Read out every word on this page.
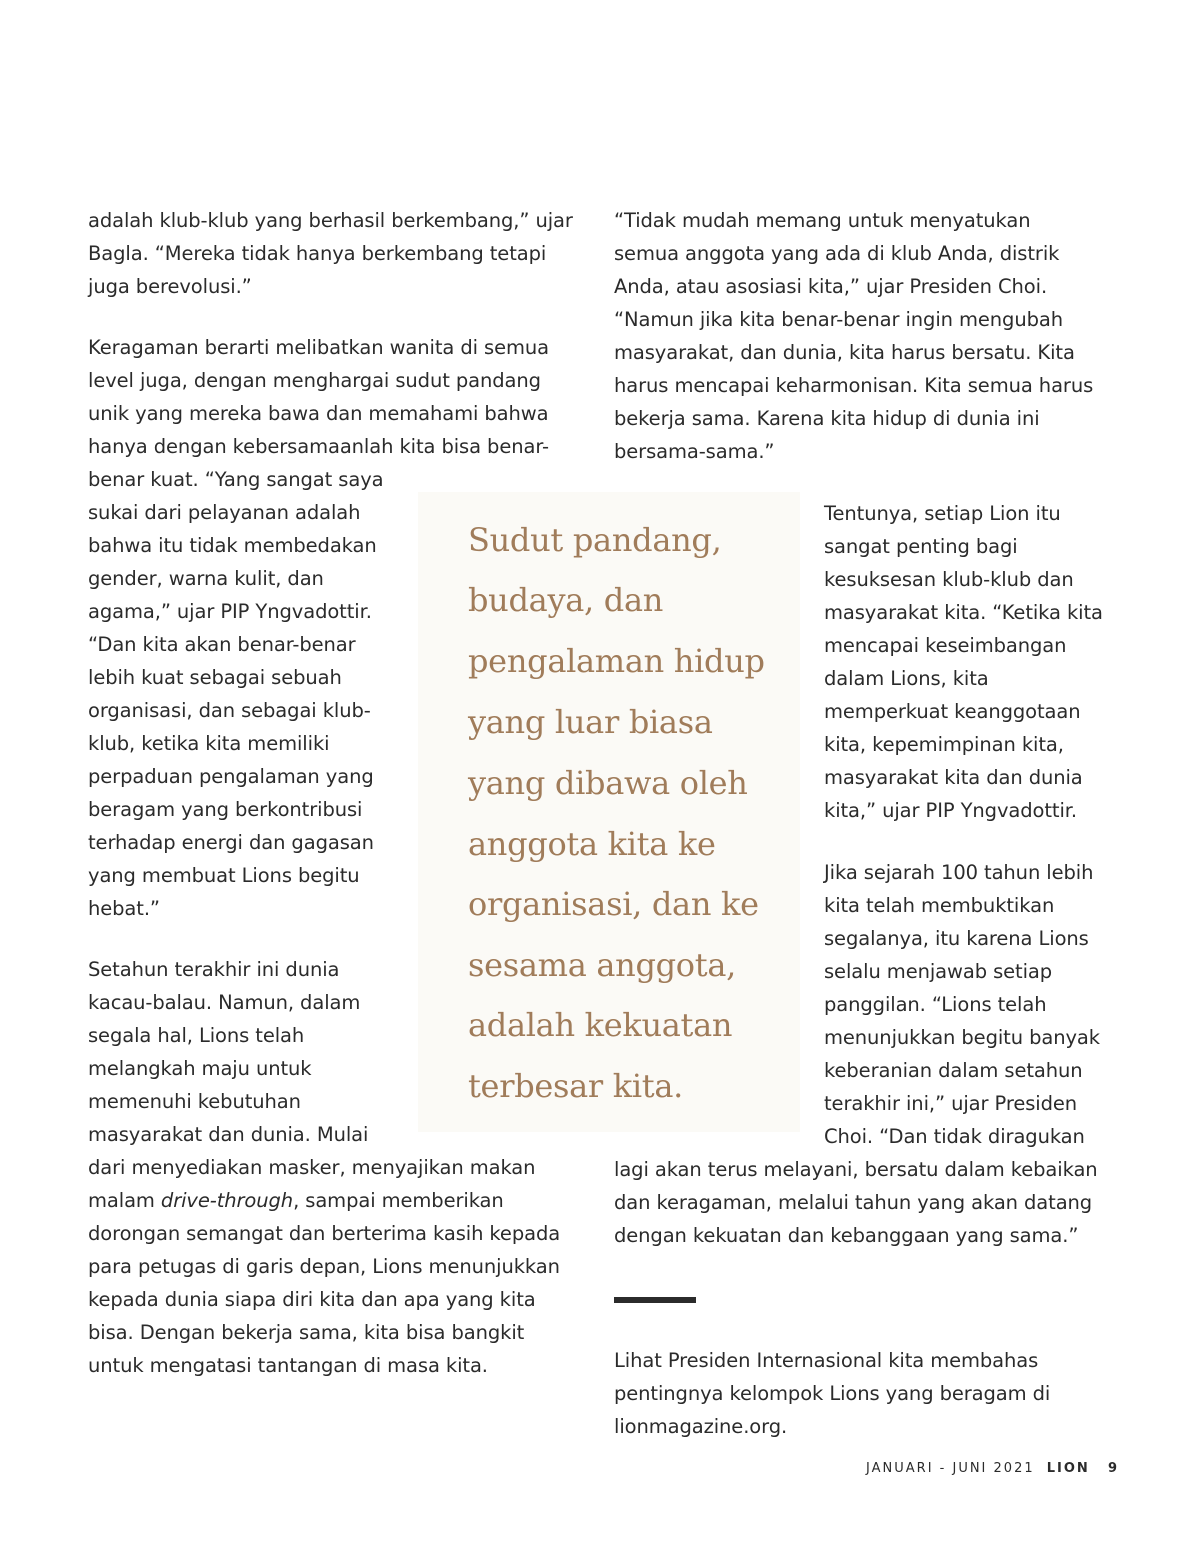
adalah klub-klub yang berhasil berkembang,” ujar
Bagla. “Mereka tidak hanya berkembang tetapi
juga berevolusi.”
Keragaman berarti melibatkan wanita di semua
level juga, dengan menghargai sudut pandang
unik yang mereka bawa dan memahami bahwa
hanya dengan kebersamaanlah kita bisa benar-
benar kuat. “Yang sangat saya
sukai dari pelayanan adalah
bahwa itu tidak membedakan
gender, warna kulit, dan
agama,” ujar PIP Yngvadottir.
“Dan kita akan benar-benar
lebih kuat sebagai sebuah
organisasi, dan sebagai klub-
klub, ketika kita memiliki
perpaduan pengalaman yang
beragam yang berkontribusi
terhadap energi dan gagasan
yang membuat Lions begitu
hebat.”
Setahun terakhir ini dunia
kacau-balau. Namun, dalam
segala hal, Lions telah
melangkah maju untuk
memenuhi kebutuhan
masyarakat dan dunia. Mulai
dari menyediakan masker, menyajikan makan
malam drive-through, sampai memberikan
dorongan semangat dan berterima kasih kepada
para petugas di garis depan, Lions menunjukkan
kepada dunia siapa diri kita dan apa yang kita
bisa. Dengan bekerja sama, kita bisa bangkit
untuk mengatasi tantangan di masa kita.
Sudut pandang,
budaya, dan
pengalaman hidup
yang luar biasa
yang dibawa oleh
anggota kita ke
organisasi, dan ke
sesama anggota,
adalah kekuatan
terbesar kita.
“Tidak mudah memang untuk menyatukan
semua anggota yang ada di klub Anda, distrik
Anda, atau asosiasi kita,” ujar Presiden Choi.
“Namun jika kita benar-benar ingin mengubah
masyarakat, dan dunia, kita harus bersatu. Kita
harus mencapai keharmonisan. Kita semua harus
bekerja sama. Karena kita hidup di dunia ini
bersama-sama.”
Tentunya, setiap Lion itu
sangat penting bagi
kesuksesan klub-klub dan
masyarakat kita. “Ketika kita
mencapai keseimbangan
dalam Lions, kita
memperkuat keanggotaan
kita, kepemimpinan kita,
masyarakat kita dan dunia
kita,” ujar PIP Yngvadottir.
Jika sejarah 100 tahun lebih
kita telah membuktikan
segalanya, itu karena Lions
selalu menjawab setiap
panggilan. “Lions telah
menunjukkan begitu banyak
keberanian dalam setahun
terakhir ini,” ujar Presiden
Choi. “Dan tidak diragukan
lagi akan terus melayani, bersatu dalam kebaikan
dan keragaman, melalui tahun yang akan datang
dengan kekuatan dan kebanggaan yang sama.”
Lihat Presiden Internasional kita membahas
pentingnya kelompok Lions yang beragam di
lionmagazine.org.
JANUARI - JUNI 2021 LION 9
